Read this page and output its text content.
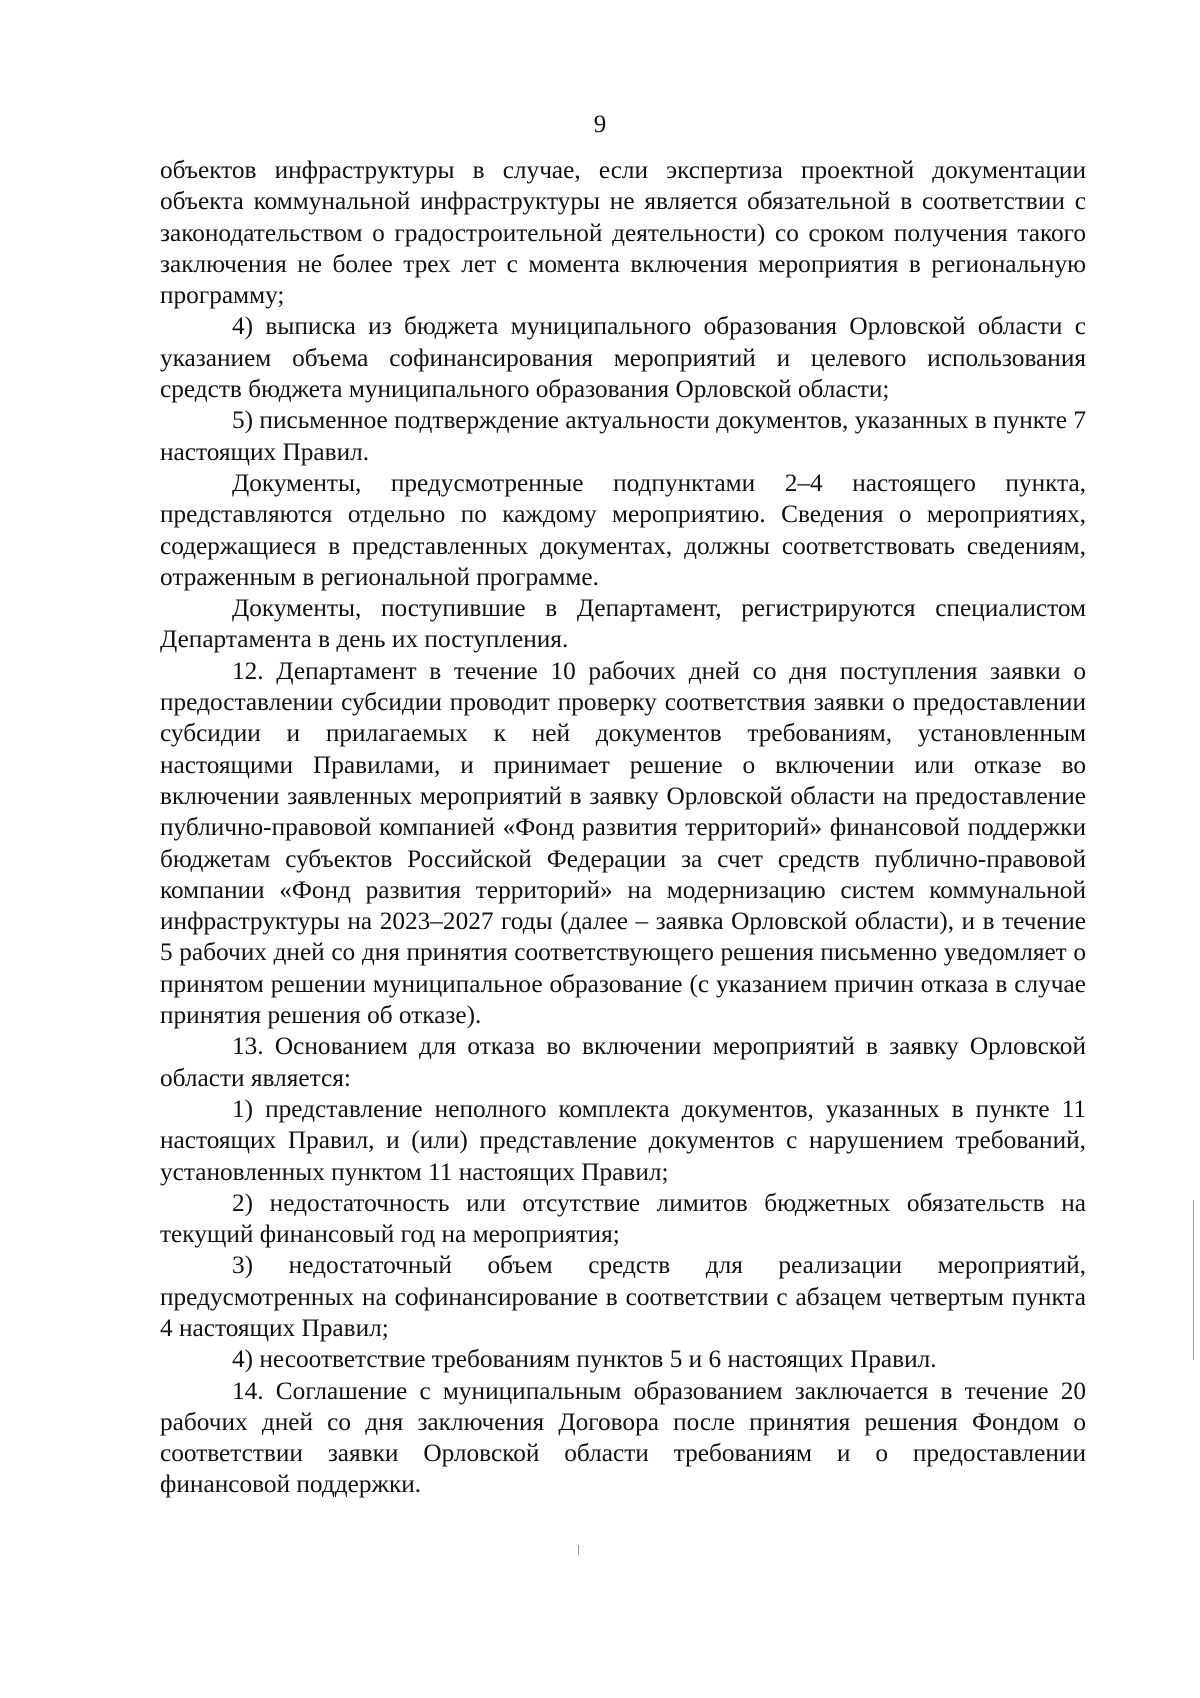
9

объектов инфраструктуры в случае, если экспертиза проектной документации объекта коммунальной инфраструктуры не является обязательной в соответствии с законодательством о градостроительной деятельности) со сроком получения такого заключения не более трех лет с момента включения мероприятия в региональную программу;

4) выписка из бюджета муниципального образования Орловской области с указанием объема софинансирования мероприятий и целевого использования средств бюджета муниципального образования Орловской области;

5) письменное подтверждение актуальности документов, указанных в пункте 7 настоящих Правил.

Документы, предусмотренные подпунктами 2–4 настоящего пункта, представляются отдельно по каждому мероприятию. Сведения о мероприятиях, содержащиеся в представленных документах, должны соответствовать сведениям, отраженным в региональной программе.

Документы, поступившие в Департамент, регистрируются специалистом Департамента в день их поступления.

12. Департамент в течение 10 рабочих дней со дня поступления заявки о предоставлении субсидии проводит проверку соответствия заявки о предоставлении субсидии и прилагаемых к ней документов требованиям, установленным настоящими Правилами, и принимает решение о включении или отказе во включении заявленных мероприятий в заявку Орловской области на предоставление публично-правовой компанией «Фонд развития территорий» финансовой поддержки бюджетам субъектов Российской Федерации за счет средств публично-правовой компании «Фонд развития территорий» на модернизацию систем коммунальной инфраструктуры на 2023–2027 годы (далее – заявка Орловской области), и в течение 5 рабочих дней со дня принятия соответствующего решения письменно уведомляет о принятом решении муниципальное образование (с указанием причин отказа в случае принятия решения об отказе).

13. Основанием для отказа во включении мероприятий в заявку Орловской области является:

1) представление неполного комплекта документов, указанных в пункте 11 настоящих Правил, и (или) представление документов с нарушением требований, установленных пунктом 11 настоящих Правил;

2) недостаточность или отсутствие лимитов бюджетных обязательств на текущий финансовый год на мероприятия;

3) недостаточный объем средств для реализации мероприятий, предусмотренных на софинансирование в соответствии с абзацем четвертым пункта 4 настоящих Правил;

4) несоответствие требованиям пунктов 5 и 6 настоящих Правил.

14. Соглашение с муниципальным образованием заключается в течение 20 рабочих дней со дня заключения Договора после принятия решения Фондом о соответствии заявки Орловской области требованиям и о предоставлении финансовой поддержки.
